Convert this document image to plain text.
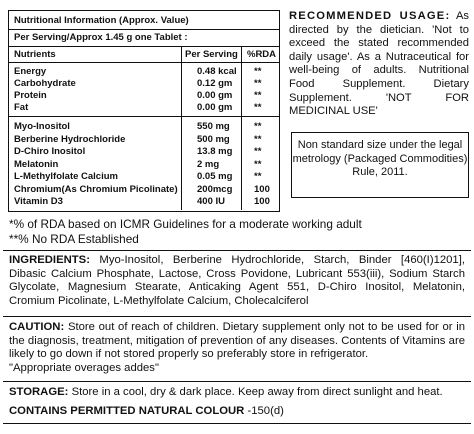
Nutritional Information (Approx. Value)
Per Serving/Approx 1.45 g one Tablet :
Nutrients	Per Serving %RDA
Energy	0.48 kcal **
Carbohydrate	0.12 gm **
Protein	0.00 gm **
Fat	0.00 gm **
Myo-Inositol	550 mg	**
Berberine Hydrochloride	500 mg	**
D-Chiro Inositol	13.8 mg **
Melatonin	2 mg	**
L-Methylfolate Calcium	0.05 mg **
Chromium(As Chromium Picolinate) 200mcg 100
Vitamin D3	400 IU	100
RECOMMENDED USAGE: As directed by the dietician. 'Not to exceed the stated recommended daily usage'. As a Nutraceutical for well-being of adults. Nutritional Food Supplement. Dietary Supplement. 'NOT FOR MEDICINAL USE'
Non standard size under the legal metrology (Packaged Commodities) Rule, 2011.
*% of RDA based on ICMR Guidelines for a moderate working adult
**% No RDA Established
INGREDIENTS: Myo-Inositol, Berberine Hydrochloride, Starch, Binder [460(I)1201], Dibasic Calcium Phosphate, Lactose, Cross Povidone, Lubricant 553(iii), Sodium Starch Glycolate, Magnesium Stearate, Anticaking Agent 551, D-Chiro Inositol, Melatonin, Cromium Picolinate, L-Methylfolate Calcium, Cholecalciferol
CAUTION: Store out of reach of children. Dietary supplement only not to be used for or in the diagnosis, treatment, mitigation of prevention of any diseases. Contents of Vitamins are likely to go down if not stored properly so preferably store in refrigerator.
"Appropriate overages addes"
STORAGE: Store in a cool, dry & dark place. Keep away from direct sunlight and heat.
CONTAINS PERMITTED NATURAL COLOUR -150(d)
